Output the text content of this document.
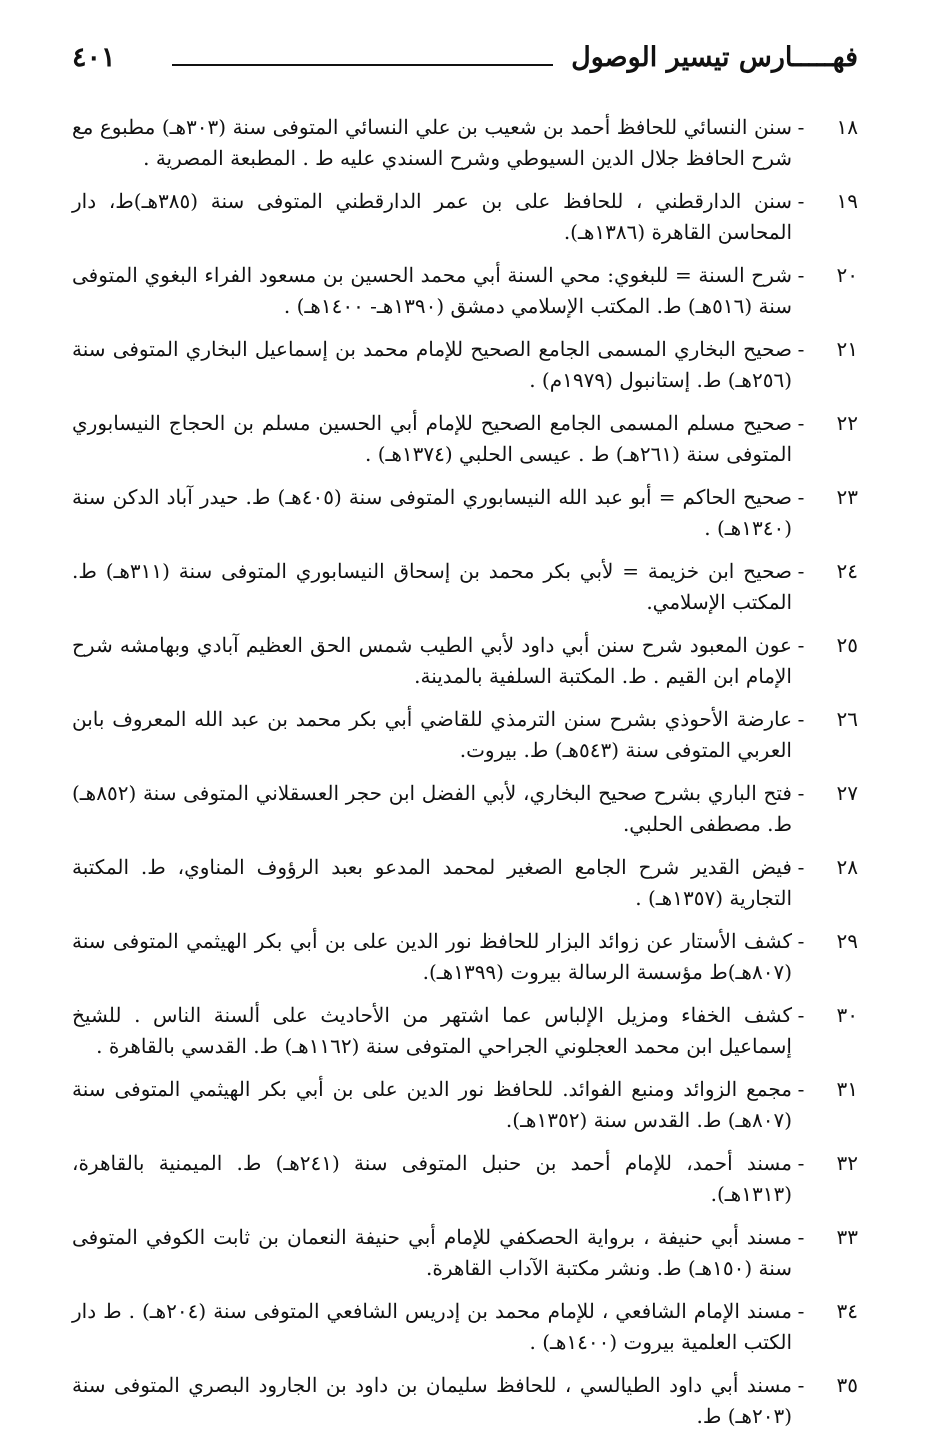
فهـــــارس تيسير الوصول
٤٠١
١٨
-
سنن النسائي للحافظ أحمد بن شعيب بن علي النسائي المتوفى سنة (٣٠٣هـ) مطبوع مع شرح الحافظ جلال الدين السيوطي وشرح السندي عليه ط . المطبعة المصرية .
١٩
-
سنن الدارقطني ، للحافظ على بن عمر الدارقطني المتوفى سنة (٣٨٥هـ)ط، دار المحاسن القاهرة (١٣٨٦هـ).
٢٠
-
شرح السنة = للبغوي: محي السنة أبي محمد الحسين بن مسعود الفراء البغوي المتوفى سنة (٥١٦هـ) ط. المكتب الإسلامي دمشق (١٣٩٠هـ- ١٤٠٠هـ) .
٢١
-
صحيح البخاري المسمى الجامع الصحيح للإمام محمد بن إسماعيل البخاري المتوفى سنة (٢٥٦هـ) ط. إستانبول (١٩٧٩م) .
٢٢
-
صحيح مسلم المسمى الجامع الصحيح للإمام أبي الحسين مسلم بن الحجاج النيسابوري المتوفى سنة (٢٦١هـ) ط . عيسى الحلبي (١٣٧٤هـ) .
٢٣
-
صحيح الحاكم = أبو عبد الله النيسابوري المتوفى سنة (٤٠٥هـ) ط. حيدر آباد الدكن سنة (١٣٤٠هـ) .
٢٤
-
صحيح ابن خزيمة = لأبي بكر محمد بن إسحاق النيسابوري المتوفى سنة (٣١١هـ) ط. المكتب الإسلامي.
٢٥
-
عون المعبود شرح سنن أبي داود لأبي الطيب شمس الحق العظيم آبادي وبهامشه شرح الإمام ابن القيم . ط. المكتبة السلفية بالمدينة.
٢٦
-
عارضة الأحوذي بشرح سنن الترمذي للقاضي أبي بكر محمد بن عبد الله المعروف بابن العربي المتوفى سنة (٥٤٣هـ) ط. بيروت.
٢٧
-
فتح الباري بشرح صحيح البخاري، لأبي الفضل ابن حجر العسقلاني المتوفى سنة (٨٥٢هـ) ط. مصطفى الحلبي.
٢٨
-
فيض القدير شرح الجامع الصغير لمحمد المدعو بعبد الرؤوف المناوي، ط. المكتبة التجارية (١٣٥٧هـ) .
٢٩
-
كشف الأستار عن زوائد البزار للحافظ نور الدين على بن أبي بكر الهيثمي المتوفى سنة (٨٠٧هـ)ط مؤسسة الرسالة بيروت (١٣٩٩هـ).
٣٠
-
كشف الخفاء ومزيل الإلباس عما اشتهر من الأحاديث على ألسنة الناس . للشيخ إسماعيل ابن محمد العجلوني الجراحي المتوفى سنة (١١٦٢هـ) ط. القدسي بالقاهرة .
٣١
-
مجمع الزوائد ومنبع الفوائد. للحافظ نور الدين على بن أبي بكر الهيثمي المتوفى سنة (٨٠٧هـ) ط. القدس سنة (١٣٥٢هـ).
٣٢
-
مسند أحمد، للإمام أحمد بن حنبل المتوفى سنة (٢٤١هـ) ط. الميمنية بالقاهرة، (١٣١٣هـ).
٣٣
-
مسند أبي حنيفة ، برواية الحصكفي للإمام أبي حنيفة النعمان بن ثابت الكوفي المتوفى سنة (١٥٠هـ) ط. ونشر مكتبة الآداب القاهرة.
٣٤
-
مسند الإمام الشافعي ، للإمام محمد بن إدريس الشافعي المتوفى سنة (٢٠٤هـ) . ط دار الكتب العلمية بيروت (١٤٠٠هـ) .
٣٥
-
مسند أبي داود الطيالسي ، للحافظ سليمان بن داود بن الجارود البصري المتوفى سنة (٢٠٣هـ) ط.
